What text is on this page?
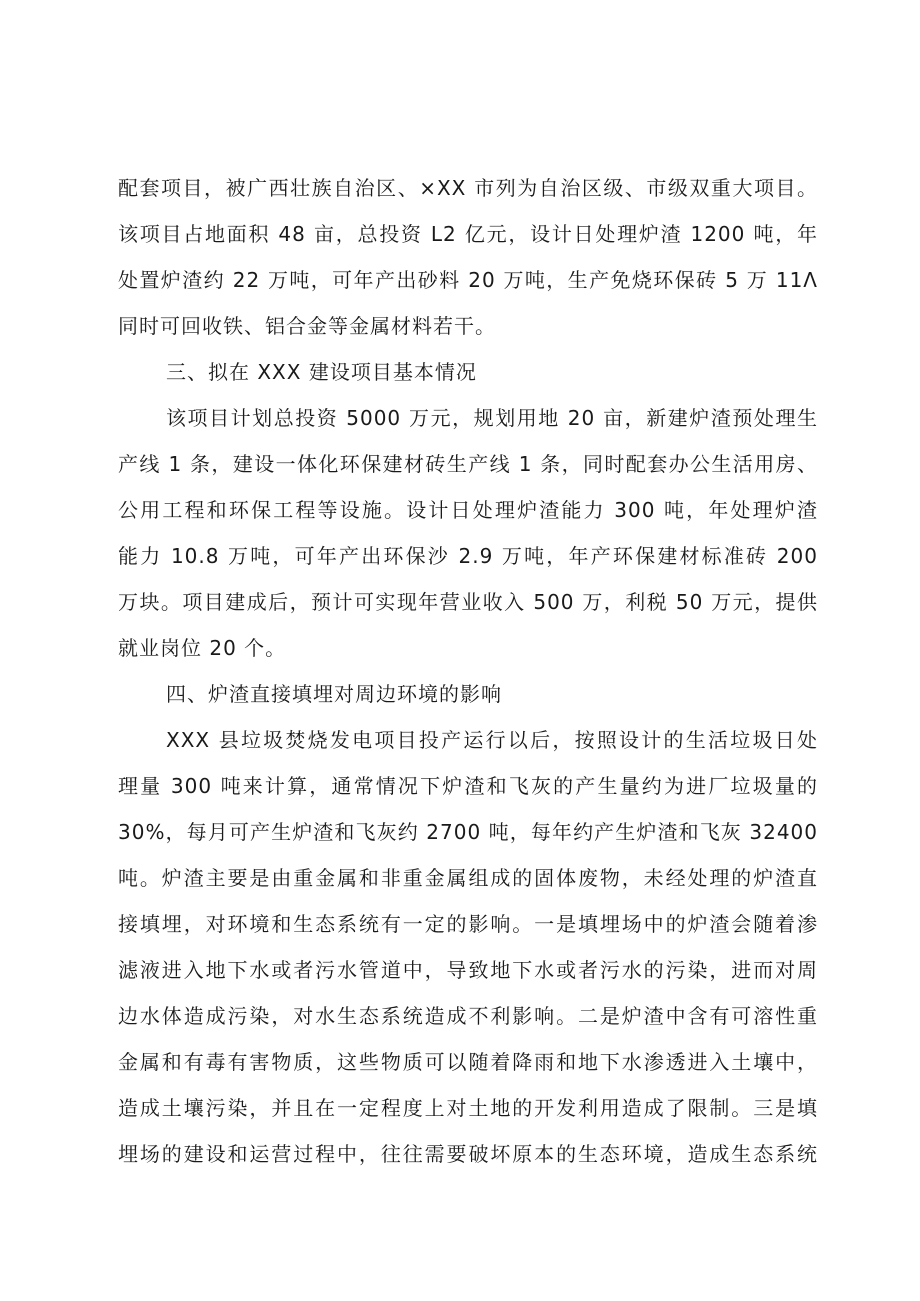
配套项目，被广西壮族自治区、×XX 市列为自治区级、市级双重大项目。
该项目占地面积 48 亩，总投资 L2 亿元，设计日处理炉渣 1200 吨，年
处置炉渣约 22 万吨，可年产出砂料 20 万吨，生产免烧环保砖 5 万 11Λ
同时可回收铁、铝合金等金属材料若干。
三、拟在 XXX 建设项目基本情况
该项目计划总投资 5000 万元，规划用地 20 亩，新建炉渣预处理生
产线 1 条，建设一体化环保建材砖生产线 1 条，同时配套办公生活用房、
公用工程和环保工程等设施。设计日处理炉渣能力 300 吨，年处理炉渣
能力 10.8 万吨，可年产出环保沙 2.9 万吨，年产环保建材标准砖 200
万块。项目建成后，预计可实现年营业收入 500 万，利税 50 万元，提供
就业岗位 20 个。
四、炉渣直接填埋对周边环境的影响
XXX 县垃圾焚烧发电项目投产运行以后，按照设计的生活垃圾日处
理量 300 吨来计算，通常情况下炉渣和飞灰的产生量约为进厂垃圾量的
30%，每月可产生炉渣和飞灰约 2700 吨，每年约产生炉渣和飞灰 32400
吨。炉渣主要是由重金属和非重金属组成的固体废物，未经处理的炉渣直
接填埋，对环境和生态系统有一定的影响。一是填埋场中的炉渣会随着渗
滤液进入地下水或者污水管道中，导致地下水或者污水的污染，进而对周
边水体造成污染，对水生态系统造成不利影响。二是炉渣中含有可溶性重
金属和有毒有害物质，这些物质可以随着降雨和地下水渗透进入土壤中，
造成土壤污染，并且在一定程度上对土地的开发利用造成了限制。三是填
埋场的建设和运营过程中，往往需要破坏原本的生态环境，造成生态系统
